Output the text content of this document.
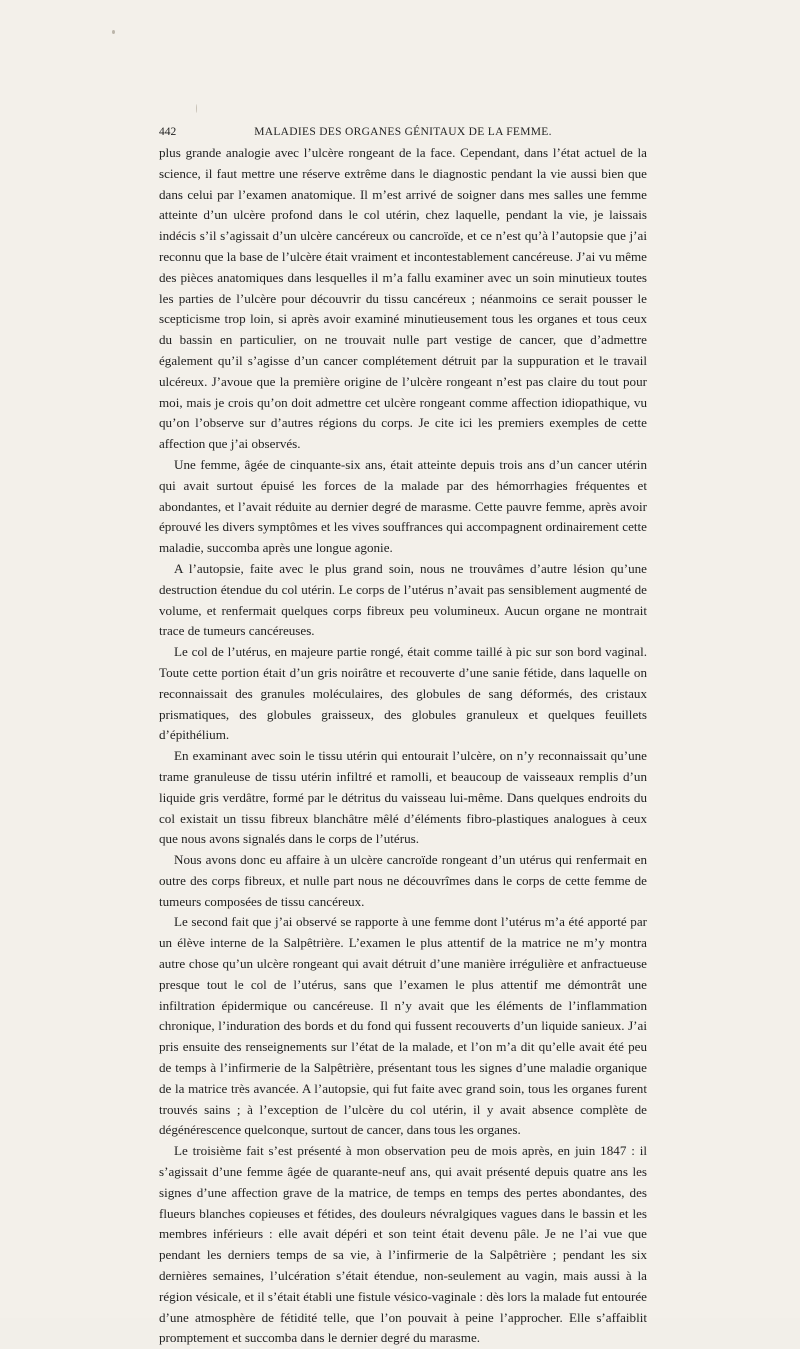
442	MALADIES DES ORGANES GÉNITAUX DE LA FEMME.

plus grande analogie avec l’ulcère rongeant de la face. Cependant, dans l’état actuel de la science, il faut mettre une réserve extrême dans le diagnostic pendant la vie aussi bien que dans celui par l’examen anatomique. Il m’est arrivé de soigner dans mes salles une femme atteinte d’un ulcère profond dans le col utérin, chez laquelle, pendant la vie, je laissais indécis s’il s’agissait d’un ulcère cancéreux ou cancroïde, et ce n’est qu’à l’autopsie que j’ai reconnu que la base de l’ulcère était vraiment et incontestablement cancéreuse. J’ai vu même des pièces anatomiques dans lesquelles il m’a fallu examiner avec un soin minutieux toutes les parties de l’ulcère pour découvrir du tissu cancéreux ; néanmoins ce serait pousser le scepticisme trop loin, si après avoir examiné minutieusement tous les organes et tous ceux du bassin en particulier, on ne trouvait nulle part vestige de cancer, que d’admettre également qu’il s’agisse d’un cancer complétement détruit par la suppuration et le travail ulcéreux. J’avoue que la première origine de l’ulcère rongeant n’est pas claire du tout pour moi, mais je crois qu’on doit admettre cet ulcère rongeant comme affection idiopathique, vu qu’on l’observe sur d’autres régions du corps. Je cite ici les premiers exemples de cette affection que j’ai observés.

Une femme, âgée de cinquante-six ans, était atteinte depuis trois ans d’un cancer utérin qui avait surtout épuisé les forces de la malade par des hémorrhagies fréquentes et abondantes, et l’avait réduite au dernier degré de marasme. Cette pauvre femme, après avoir éprouvé les divers symptômes et les vives souffrances qui accompagnent ordinairement cette maladie, succomba après une longue agonie.

A l’autopsie, faite avec le plus grand soin, nous ne trouvâmes d’autre lésion qu’une destruction étendue du col utérin. Le corps de l’utérus n’avait pas sensiblement augmenté de volume, et renfermait quelques corps fibreux peu volumineux. Aucun organe ne montrait trace de tumeurs cancéreuses.

Le col de l’utérus, en majeure partie rongé, était comme taillé à pic sur son bord vaginal. Toute cette portion était d’un gris noirâtre et recouverte d’une sanie fétide, dans laquelle on reconnaissait des granules moléculaires, des globules de sang déformés, des cristaux prismatiques, des globules graisseux, des globules granuleux et quelques feuillets d’épithélium.

En examinant avec soin le tissu utérin qui entourait l’ulcère, on n’y reconnaissait qu’une trame granuleuse de tissu utérin infiltré et ramolli, et beaucoup de vaisseaux remplis d’un liquide gris verdâtre, formé par le détritus du vaisseau lui-même. Dans quelques endroits du col existait un tissu fibreux blanchâtre mêlé d’éléments fibro-plastiques analogues à ceux que nous avons signalés dans le corps de l’utérus.

Nous avons donc eu affaire à un ulcère cancroïde rongeant d’un utérus qui renfermait en outre des corps fibreux, et nulle part nous ne découvrîmes dans le corps de cette femme de tumeurs composées de tissu cancéreux.

Le second fait que j’ai observé se rapporte à une femme dont l’utérus m’a été apporté par un élève interne de la Salpêtrière. L’examen le plus attentif de la matrice ne m’y montra autre chose qu’un ulcère rongeant qui avait détruit d’une manière irrégulière et anfractueuse presque tout le col de l’utérus, sans que l’examen le plus attentif me démontrât une infiltration épidermique ou cancéreuse. Il n’y avait que les éléments de l’inflammation chronique, l’induration des bords et du fond qui fussent recouverts d’un liquide sanieux. J’ai pris ensuite des renseignements sur l’état de la malade, et l’on m’a dit qu’elle avait été peu de temps à l’infirmerie de la Salpêtrière, présentant tous les signes d’une maladie organique de la matrice très avancée. A l’autopsie, qui fut faite avec grand soin, tous les organes furent trouvés sains ; à l’exception de l’ulcère du col utérin, il y avait absence complète de dégénérescence quelconque, surtout de cancer, dans tous les organes.

Le troisième fait s’est présenté à mon observation peu de mois après, en juin 1847 : il s’agissait d’une femme âgée de quarante-neuf ans, qui avait présenté depuis quatre ans les signes d’une affection grave de la matrice, de temps en temps des pertes abondantes, des flueurs blanches copieuses et fétides, des douleurs névralgiques vagues dans le bassin et les membres inférieurs : elle avait dépéri et son teint était devenu pâle. Je ne l’ai vue que pendant les derniers temps de sa vie, à l’infirmerie de la Salpêtrière ; pendant les six dernières semaines, l’ulcération s’était étendue, non-seulement au vagin, mais aussi à la région vésicale, et il s’était établi une fistule vésico-vaginale : dès lors la malade fut entourée d’une atmosphère de fétidité telle, que l’on pouvait à peine l’approcher. Elle s’affaiblit promptement et succomba dans le dernier degré du marasme.
